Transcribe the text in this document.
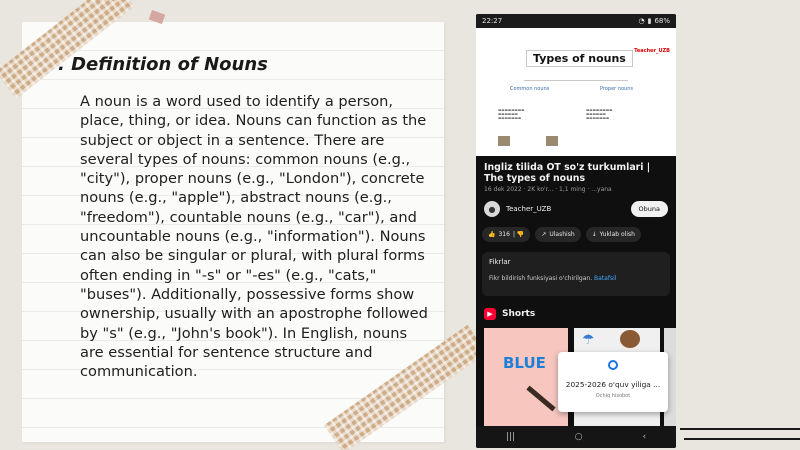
. Definition of Nouns
A noun is a word used to identify a person, place, thing, or idea. Nouns can function as the subject or object in a sentence. There are several types of nouns: common nouns (e.g., "city"), proper nouns (e.g., "London"), concrete nouns (e.g., "apple"), abstract nouns (e.g., "freedom"), countable nouns (e.g., "car"), and uncountable nouns (e.g., "information"). Nouns can also be singular or plural, with plural forms often ending in "-s" or "-es" (e.g., "cats," "buses"). Additionally, possessive forms show ownership, usually with an apostrophe followed by "s" (e.g., "John's book"). In English, nouns are essential for sentence structure and communication.
22:27	◔ ▮ 68%
Types of nouns
Teacher_UZB
Common nouns	Proper nouns
▬▬▬▬▬▬▬▬
▬▬▬▬▬▬
▬▬▬▬▬▬▬
▬▬▬▬▬▬▬▬
▬▬▬▬▬▬
▬▬▬▬▬▬▬
Ingliz tilida OT so'z turkumlari | The types of nouns
16 dek 2022 · 2K ko'r... · 1,1 ming · ...yana
●	Teacher_UZB	Obuna
👍 316 | 👎	↗ Ulashish	↓ Yuklab olish
Fikrlar
Fikr bildirish funksiyasi o'chirilgan. Batafsil
▶	Shorts
BLUE
☂
2025-2026 o'quv yiliga ...
Ochiq hisobot
|||	○	‹
